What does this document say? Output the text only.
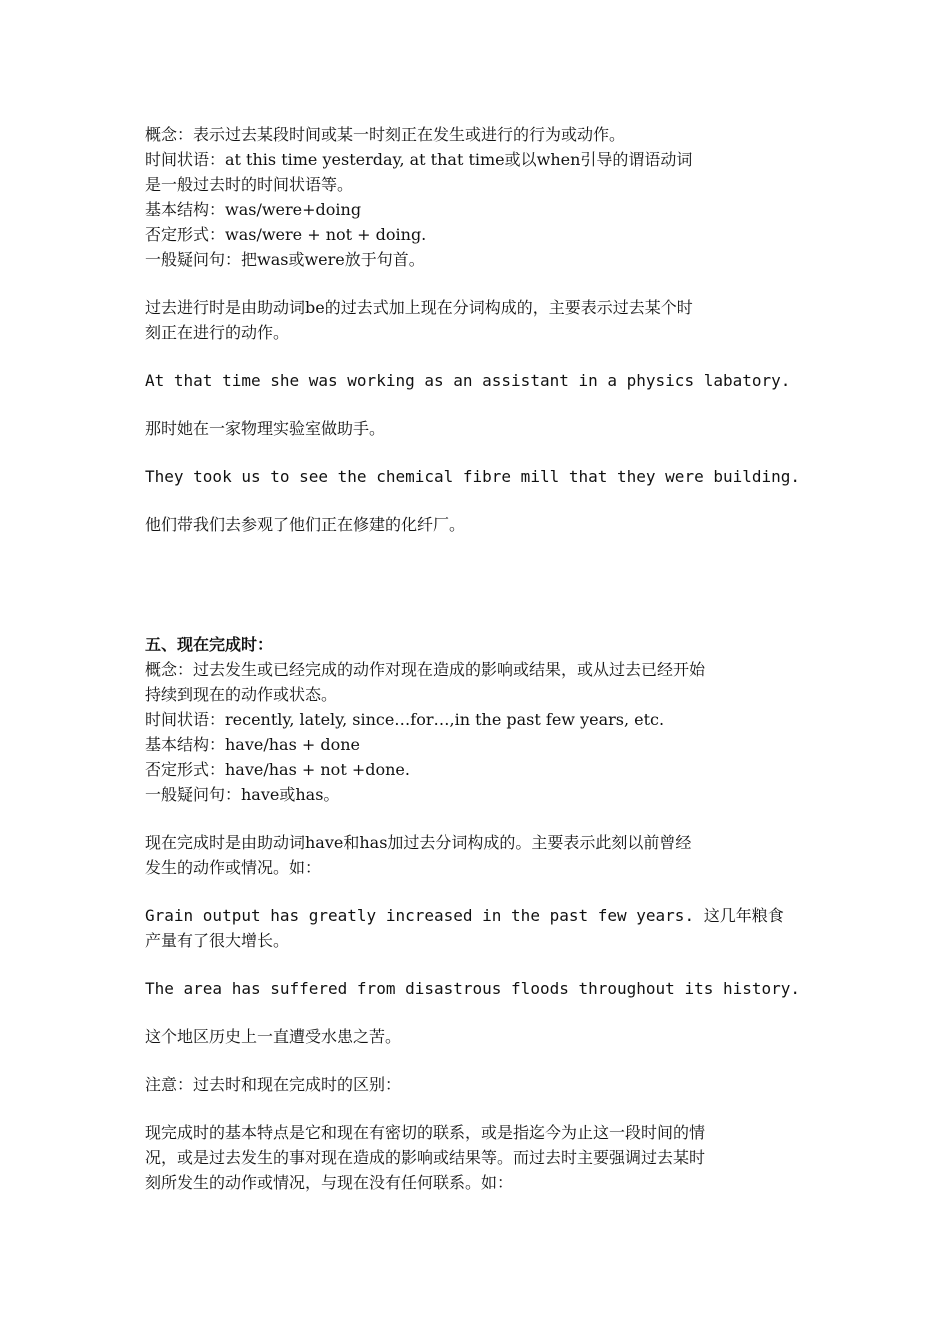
概念：表示过去某段时间或某一时刻正在发生或进行的行为或动作。
时间状语：at this time yesterday, at that time或以when引导的谓语动词
是一般过去时的时间状语等。
基本结构：was/were+doing
否定形式：was/were + not + doing.
一般疑问句：把was或were放于句首。
过去进行时是由助动词be的过去式加上现在分词构成的，主要表示过去某个时
刻正在进行的动作。
At that time she was working as an assistant in a physics labatory.
那时她在一家物理实验室做助手。
They took us to see the chemical fibre mill that they were building.
他们带我们去参观了他们正在修建的化纤厂。
五、现在完成时：
概念：过去发生或已经完成的动作对现在造成的影响或结果，或从过去已经开始
持续到现在的动作或状态。
时间状语：recently, lately, since…for…,in the past few years, etc.
基本结构：have/has + done
否定形式：have/has + not +done.
一般疑问句：have或has。
现在完成时是由助动词have和has加过去分词构成的。主要表示此刻以前曾经
发生的动作或情况。如：
Grain output has greatly increased in the past few years. 这几年粮食
产量有了很大增长。
The area has suffered from disastrous floods throughout its history.
这个地区历史上一直遭受水患之苦。
注意：过去时和现在完成时的区别：
现完成时的基本特点是它和现在有密切的联系，或是指迄今为止这一段时间的情
况，或是过去发生的事对现在造成的影响或结果等。而过去时主要强调过去某时
刻所发生的动作或情况，与现在没有任何联系。如：
